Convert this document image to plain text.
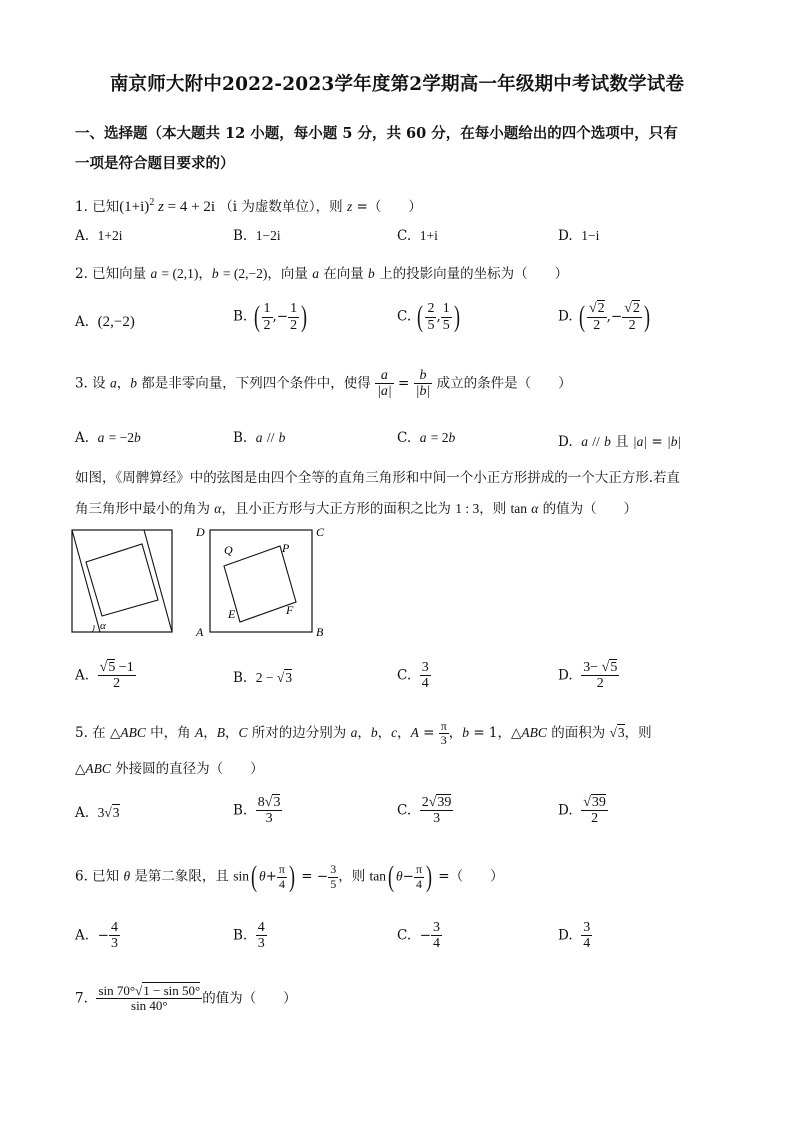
南京师大附中2022-2023学年度第2学期高一年级期中考试数学试卷
一、选择题（本大题共 12 小题，每小题 5 分，共 60 分，在每小题给出的四个选项中，只有
一项是符合题目要求的）
1. 已知$(1+i)^2$ z = 4 + 2i （i 为虚数单位），则 z =（　　）
A.  1+2i	B.  1−2i	C.  1+i	D.  1−i
2. 已知向量 a = (2,1)，b = (2,−2)，向量 a 在向量 b 上的投影向量的坐标为（　　）
A.  (2,−2)	B. ( $\frac{1}{2}$ ,− $\frac{1}{2}$ )	C. ( $\frac{2}{5}$ , $\frac{1}{5}$ )	D. ( $\frac{√2}{2}$ ,− $\frac{√2}{2}$ )
3. 设 a，b 都是非零向量，下列四个条件中，使得 $\frac{a}{|a|} = \frac{b}{|b|}$ 成立的条件是（　　）
A.  a = −2b	B.  a // b	C.  a = 2b	D.  a // b 且 |a| = |b|
如图，《周髀算经》中的弦图是由四个全等的直角三角形和中间一个小正方形拼成的一个大正方形.若直
角三角形中最小的角为 α，且小正方形与大正方形的面积之比为 1 : 3，则 tan α 的值为（　　）
α
D	C
A	B
Q	P
E	F
A. $\frac{√5 -1}{2}$	B.  2 − √3	C. $\frac{3}{4}$	D. $\frac{3- √5}{2}$
5. 在 △ABC 中，角 A，B，C 所对的边分别为 a，b，c，$A = \frac{\pi}{3}$ ，b = 1，△ABC 的面积为 √3，则
△ABC 外接圆的直径为（　　）
A.  3√3	B. $\frac{8√3}{3}$	C. $\frac{2√39}{3}$	D. $\frac{√39}{2}$
6. 已知 θ 是第二象限，且 sin( $\theta+ \frac{\pi}{4}$ ) = − $\frac{3}{5}$ ，则 tan( $\theta- \frac{\pi}{4}$ ) =（　　）
A.  − $\frac{4}{3}$	B. $\frac{4}{3}$	C.  − $\frac{3}{4}$	D. $\frac{3}{4}$
7. $\frac{\sin 70^\circ√1 - \sin 50^\circ}{\sin 40^\circ}$ 的值为（　　）
